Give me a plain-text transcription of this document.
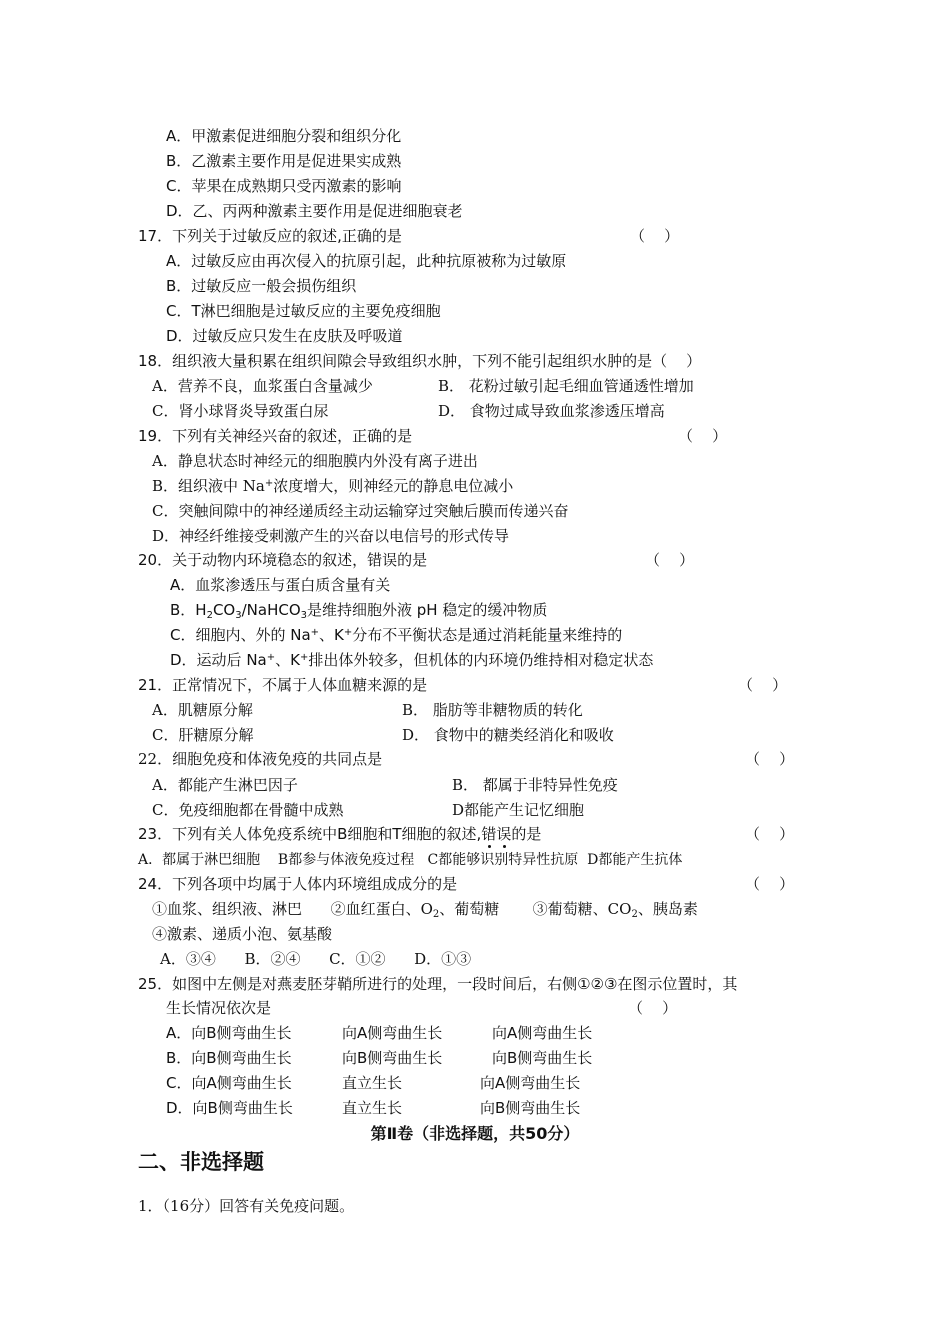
A．甲激素促进细胞分裂和组织分化
B．乙激素主要作用是促进果实成熟
C．苹果在成熟期只受丙激素的影响
D．乙、丙两种激素主要作用是促进细胞衰老
17．下列关于过敏反应的叙述,正确的是	（    ）
A．过敏反应由再次侵入的抗原引起，此种抗原被称为过敏原
B．过敏反应一般会损伤组织
C．T淋巴细胞是过敏反应的主要免疫细胞
D．过敏反应只发生在皮肤及呼吸道
18．组织液大量积累在组织间隙会导致组织水肿，下列不能引起组织水肿的是（    ）
A．营养不良，血浆蛋白含量减少	B． 花粉过敏引起毛细血管通透性增加
C．肾小球肾炎导致蛋白尿	D． 食物过咸导致血浆渗透压增高
19．下列有关神经兴奋的叙述，正确的是	（    ）
A．静息状态时神经元的细胞膜内外没有离子进出
B．组织液中 Na+浓度增大，则神经元的静息电位减小
C．突触间隙中的神经递质经主动运输穿过突触后膜而传递兴奋
D．神经纤维接受刺激产生的兴奋以电信号的形式传导
20．关于动物内环境稳态的叙述，错误的是	（    ）
A．血浆渗透压与蛋白质含量有关
B．$H_2CO_3/NaHCO_3$是维持细胞外液 pH 稳定的缓冲物质
C．细胞内、外的 Na+、K+分布不平衡状态是通过消耗能量来维持的
D．运动后 Na+、K+排出体外较多，但机体的内环境仍维持相对稳定状态
21．正常情况下，不属于人体血糖来源的是	（    ）
A．肌糖原分解	B． 脂肪等非糖物质的转化
C．肝糖原分解	D． 食物中的糖类经消化和吸收
22．细胞免疫和体液免疫的共同点是	（    ）
A．都能产生淋巴因子	B． 都属于非特异性免疫
C．免疫细胞都在骨髓中成熟	D都能产生记忆细胞
23．下列有关人体免疫系统中B细胞和T细胞的叙述,错误的是	（    ）
A．都属于淋巴细胞    B都参与体液免疫过程   C都能够识别特异性抗原  D都能产生抗体
24．下列各项中均属于人体内环境组成成分的是	（    ）
①血浆、组织液、淋巴      ②血红蛋白、$O_2$、葡萄糖       ③葡萄糖、$CO_2$、胰岛素
④激素、递质小泡、氨基酸
A．③④      B．②④      C．①②      D．①③
25．如图中左侧是对燕麦胚芽鞘所进行的处理，一段时间后，右侧①②③在图示位置时，其
生长情况依次是	（    ）
A．向B侧弯曲生长	向A侧弯曲生长	向A侧弯曲生长
B．向B侧弯曲生长	向B侧弯曲生长	向B侧弯曲生长
C．向A侧弯曲生长	直立生长	向A侧弯曲生长
D．向B侧弯曲生长	直立生长	向B侧弯曲生长
第Ⅱ卷（非选择题，共50分）
二、非选择题
1．（16分）回答有关免疫问题。
